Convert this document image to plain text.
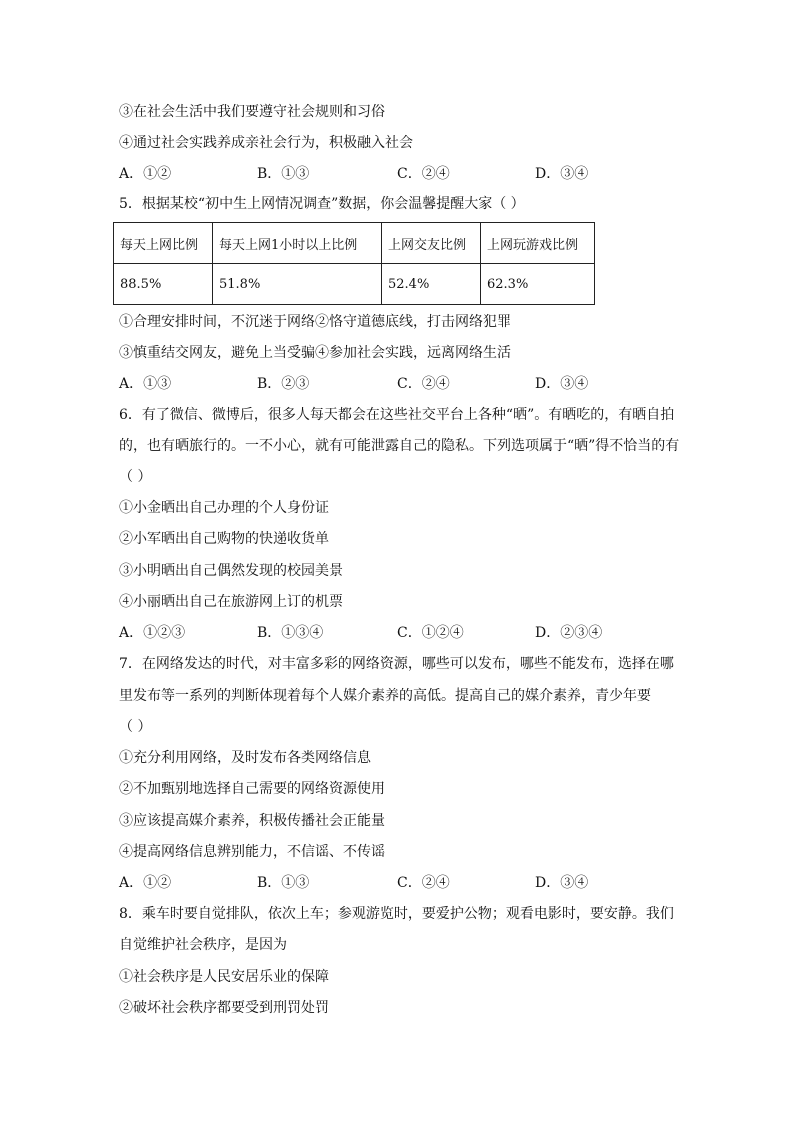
③在社会生活中我们要遵守社会规则和习俗
④通过社会实践养成亲社会行为，积极融入社会
A．①②	B．①③	C．②④	D．③④
5．根据某校“初中生上网情况调查”数据，你会温馨提醒大家（ ）
每天上网比例	每天上网1小时以上比例	上网交友比例	上网玩游戏比例
88.5%	51.8%	52.4%	62.3%
①合理安排时间，不沉迷于网络②恪守道德底线，打击网络犯罪
③慎重结交网友，避免上当受骗④参加社会实践，远离网络生活
A．①③	B．②③	C．②④	D．③④
6．有了微信、微博后，很多人每天都会在这些社交平台上各种“晒”。有晒吃的，有晒自拍
的，也有晒旅行的。一不小心，就有可能泄露自己的隐私。下列选项属于“晒”得不恰当的有
（ ）
①小金晒出自己办理的个人身份证
②小军晒出自己购物的快递收货单
③小明晒出自己偶然发现的校园美景
④小丽晒出自己在旅游网上订的机票
A．①②③	B．①③④	C．①②④	D．②③④
7．在网络发达的时代，对丰富多彩的网络资源，哪些可以发布，哪些不能发布，选择在哪
里发布等一系列的判断体现着每个人媒介素养的高低。提高自己的媒介素养，青少年要
（ ）
①充分利用网络，及时发布各类网络信息
②不加甄别地选择自己需要的网络资源使用
③应该提高媒介素养，积极传播社会正能量
④提高网络信息辨别能力，不信谣、不传谣
A．①②	B．①③	C．②④	D．③④
8．乘车时要自觉排队，依次上车；参观游览时，要爱护公物；观看电影时，要安静。我们
自觉维护社会秩序，是因为
①社会秩序是人民安居乐业的保障
②破坏社会秩序都要受到刑罚处罚
